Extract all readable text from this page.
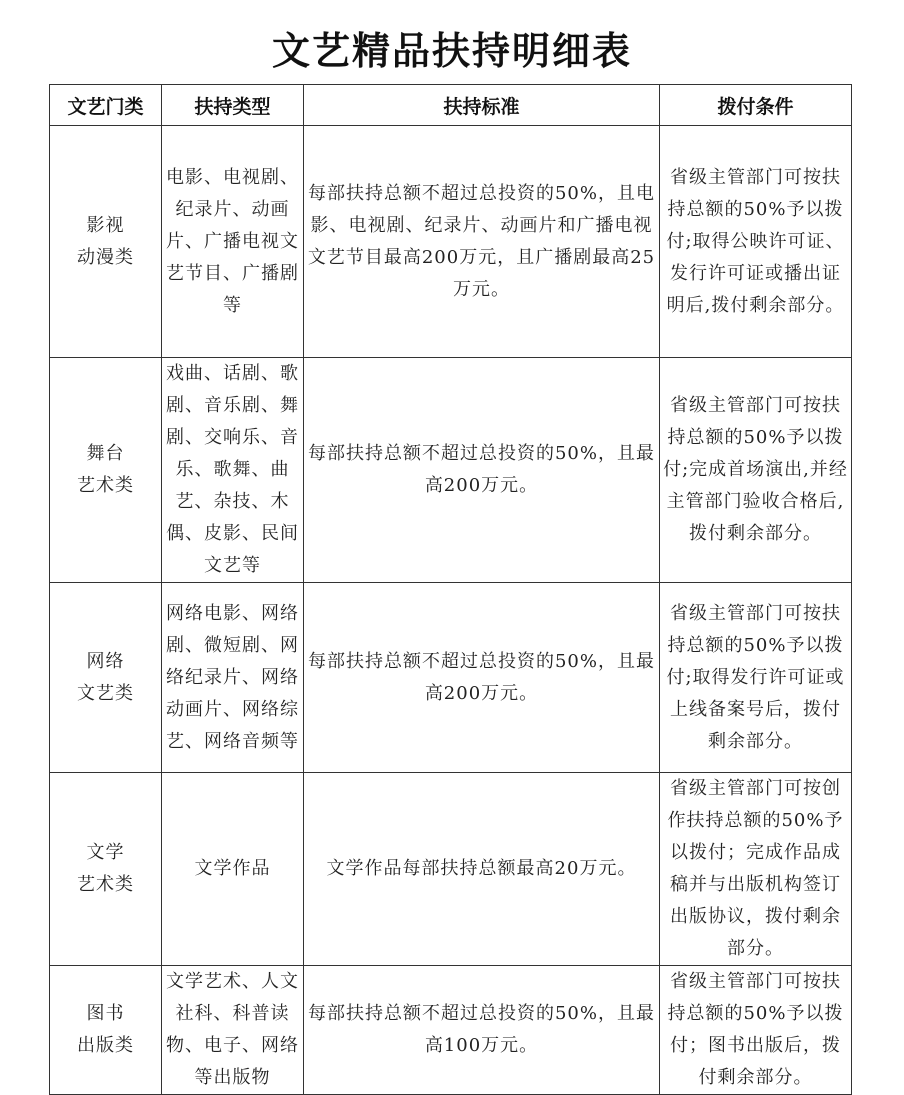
文艺精品扶持明细表
文艺门类	扶持类型	扶持标准	拨付条件

影视
动漫类	电影、电视剧、纪录片、动画片、广播电视文艺节目、广播剧等	每部扶持总额不超过总投资的50%，且电影、电视剧、纪录片、动画片和广播电视文艺节目最高200万元，且广播剧最高25万元。	省级主管部门可按扶持总额的50%予以拨付;取得公映许可证、发行许可证或播出证明后,拨付剩余部分。

舞台
艺术类	戏曲、话剧、歌剧、音乐剧、舞剧、交响乐、音乐、歌舞、曲艺、杂技、木偶、皮影、民间文艺等	每部扶持总额不超过总投资的50%，且最高200万元。	省级主管部门可按扶持总额的50%予以拨付;完成首场演出,并经主管部门验收合格后,拨付剩余部分。

网络
文艺类	网络电影、网络剧、微短剧、网络纪录片、网络动画片、网络综艺、网络音频等	每部扶持总额不超过总投资的50%，且最高200万元。	省级主管部门可按扶持总额的50%予以拨付;取得发行许可证或上线备案号后，拨付剩余部分。

文学
艺术类	文学作品	文学作品每部扶持总额最高20万元。	省级主管部门可按创作扶持总额的50%予以拨付；完成作品成稿并与出版机构签订出版协议，拨付剩余部分。

图书
出版类	文学艺术、人文社科、科普读物、电子、网络等出版物	每部扶持总额不超过总投资的50%，且最高100万元。	省级主管部门可按扶持总额的50%予以拨付；图书出版后，拨付剩余部分。
